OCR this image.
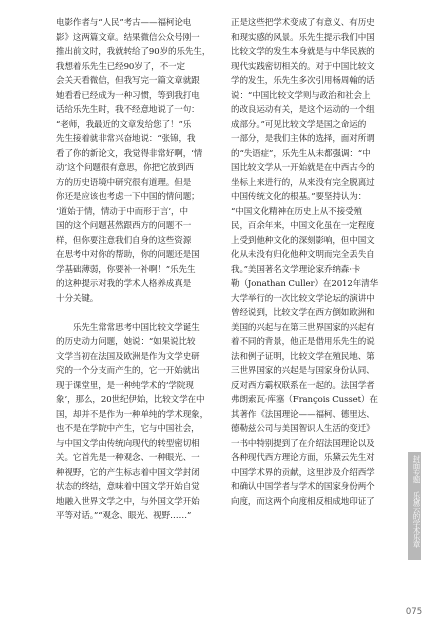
电影作者与“人民”考古——福柯论电
影》这两篇文章。结果微信公众号刚一
推出前文时，我就转给了90岁的乐先生，
我想着乐先生已经90岁了，不一定
会关天看微信，但我写完一篇文章就跟
她看看已经成为一种习惯，等到我打电
话给乐先生时，我不经意地说了一句：
“老师，我最近的文章发给您了！”乐
先生接着就非常兴奋地说：“张锦，我
看了你的新论文，我觉得非常好啊，‘情
动’这个问题很有意思，你把它放到西
方的历史语境中研究很有道理。但是
你还是应该也考虑一下中国的情问题；
‘道始于情，情动于中而形于言’，中
国的这个问题甚然跟西方的问题不一
样，但你要注意我们自身的这些资源
在思考中对你的帮助，你的问题还是国
学基础薄弱，你要补一补啊！”乐先生
的这种提示对我的学术人格养成真是
十分关键。
　　乐先生常常思考中国比较文学诞生
的历史动力问题，她说：“如果说比较
文学当初在法国及欧洲是作为文学史研
究的一个分支而产生的，它一开始就出
现于课堂里，是一种纯学术的‘学院现
象’，那么，20世纪伊始，比较文学在中
国，却并不是作为一种单纯的学术现象，
也不是在学院中产生，它与中国社会，
与中国文学由传统向现代的转型密切相
关。它首先是一种观念、一种眼光、一
种视野，它的产生标志着中国文学封闭
状态的终结，意味着中国文学开始自觉
地融入世界文学之中，与外国文学开始
平等对话。”“观念、眼光、视野……”
正是这些把学术变成了有意义、有历史
和现实感的风景。乐先生提示我们中国
比较文学的发生本身就是与中华民族的
现代实践密切相关的。对于中国比较文
学的发生，乐先生多次引用杨周翰的话
说：“中国比较文学则与政治和社会上
的改良运动有关，是这个运动的一个组
成部分。”可见比较文学是国之命运的
一部分，是我们主体的选择，面对所谓
的“失语症”，乐先生从未都强调：“中
国比较文学从一开始就是在中西古今的
坐标上来进行的，从来没有完全脱离过
中国传统文化的根基。”要坚持认为：
“中国文化精神在历史上从不接受殖
民，百余年来，中国文化虽在一定程度
上受到他种文化的深刻影响，但中国文
化从未没有归化他种文明而完全丢失自
我。”美国著名文学理论家乔纳森·卡
勒（Jonathan Culler）在2012年清华
大学举行的一次比较文学论坛的演讲中
曾经说到，比较文学在西方倒如欧洲和
美国的兴起与在第三世界国家的兴起有
着不同的背景，他正是借用乐先生的说
法和例子证明，比较文学在殖民地、第
三世界国家的兴起是与国家身份认同、
反对西方霸权联系在一起的。法国学者
弗朗索瓦·库塞（François Cusset）在
其著作《法国理论——福柯、德里达、
德勒兹公司与美国智识人生活的变迁》
一书中特别提到了在介绍法国理论以及
各种现代西方理论方面，乐黛云先生对
中国学术界的贡献，这里涉及介绍西学
和确认中国学者与学术的国家身份两个
向度，而这两个向度相反相成地印证了	封面专题 乐黛云的学术乐章
075
